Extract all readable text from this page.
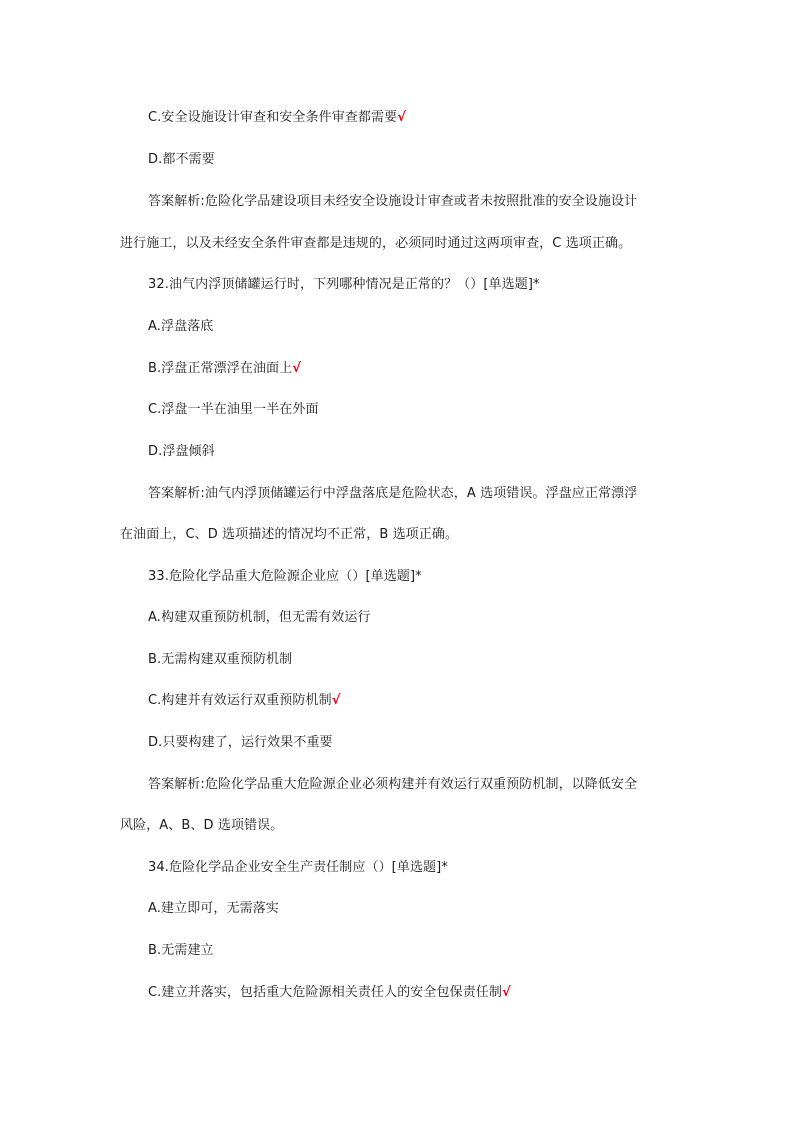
C.安全设施设计审查和安全条件审查都需要√
D.都不需要
答案解析:危险化学品建设项目未经安全设施设计审查或者未按照批准的安全设施设计
进行施工，以及未经安全条件审查都是违规的，必须同时通过这两项审查，C 选项正确。
32.油气内浮顶储罐运行时，下列哪种情况是正常的？（）[单选题]*
A.浮盘落底
B.浮盘正常漂浮在油面上√
C.浮盘一半在油里一半在外面
D.浮盘倾斜
答案解析:油气内浮顶储罐运行中浮盘落底是危险状态，A 选项错误。浮盘应正常漂浮
在油面上，C、D 选项描述的情况均不正常，B 选项正确。
33.危险化学品重大危险源企业应（）[单选题]*
A.构建双重预防机制，但无需有效运行
B.无需构建双重预防机制
C.构建并有效运行双重预防机制√
D.只要构建了，运行效果不重要
答案解析:危险化学品重大危险源企业必须构建并有效运行双重预防机制，以降低安全
风险，A、B、D 选项错误。
34.危险化学品企业安全生产责任制应（）[单选题]*
A.建立即可，无需落实
B.无需建立
C.建立并落实，包括重大危险源相关责任人的安全包保责任制√
